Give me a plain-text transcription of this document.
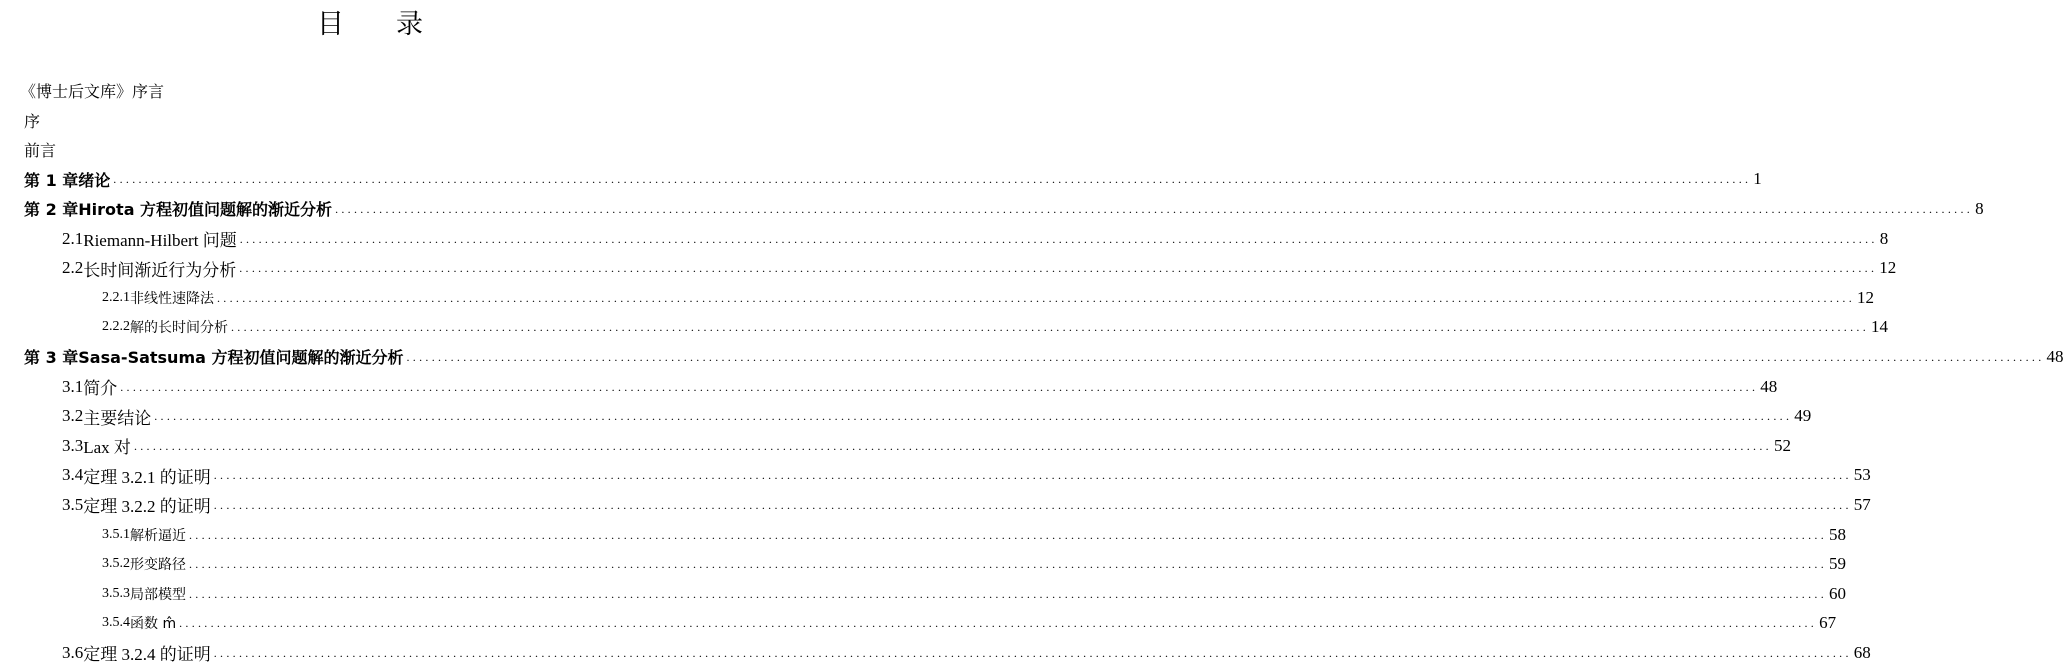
目录
《博士后文库》序言
序
前言
第 1 章 绪论 .................................................................................................................................................................................................................................................................... 1
第 2 章 Hirota 方程初值问题解的渐近分析 .................................................................................................................................................................................................................................................................... 8
2.1 Riemann-Hilbert 问题 .................................................................................................................................................................................................................................................................... 8
2.2 长时间渐近行为分析 .................................................................................................................................................................................................................................................................... 12
2.2.1 非线性速降法 .................................................................................................................................................................................................................................................................... 12
2.2.2 解的长时间分析 .................................................................................................................................................................................................................................................................... 14
第 3 章 Sasa-Satsuma 方程初值问题解的渐近分析 .................................................................................................................................................................................................................................................................... 48
3.1 简介 .................................................................................................................................................................................................................................................................... 48
3.2 主要结论 .................................................................................................................................................................................................................................................................... 49
3.3 Lax 对 .................................................................................................................................................................................................................................................................... 52
3.4 定理 3.2.1 的证明 .................................................................................................................................................................................................................................................................... 53
3.5 定理 3.2.2 的证明 .................................................................................................................................................................................................................................................................... 57
3.5.1 解析逼近 .................................................................................................................................................................................................................................................................... 58
3.5.2 形变路径 .................................................................................................................................................................................................................................................................... 59
3.5.3 局部模型 .................................................................................................................................................................................................................................................................... 60
3.5.4 函数 m̂ .................................................................................................................................................................................................................................................................... 67
3.6 定理 3.2.4 的证明 .................................................................................................................................................................................................................................................................... 68
